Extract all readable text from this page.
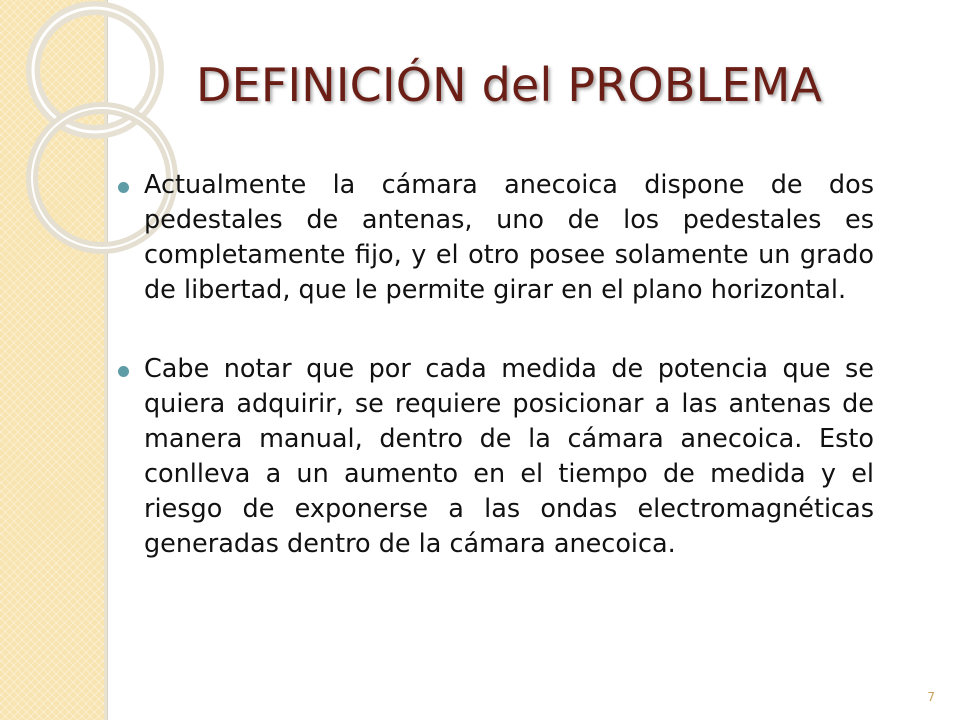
DEFINICIÓN del PROBLEMA
Actualmente la cámara anecoica dispone de dos pedestales de antenas, uno de los pedestales es completamente fijo, y el otro posee solamente un grado de libertad, que le permite girar en el plano horizontal.
Cabe notar que por cada medida de potencia que se quiera adquirir, se requiere posicionar a las antenas de manera manual, dentro de la cámara anecoica. Esto conlleva a un aumento en el tiempo de medida y el riesgo de exponerse a las ondas electromagnéticas generadas dentro de la cámara anecoica.
7
